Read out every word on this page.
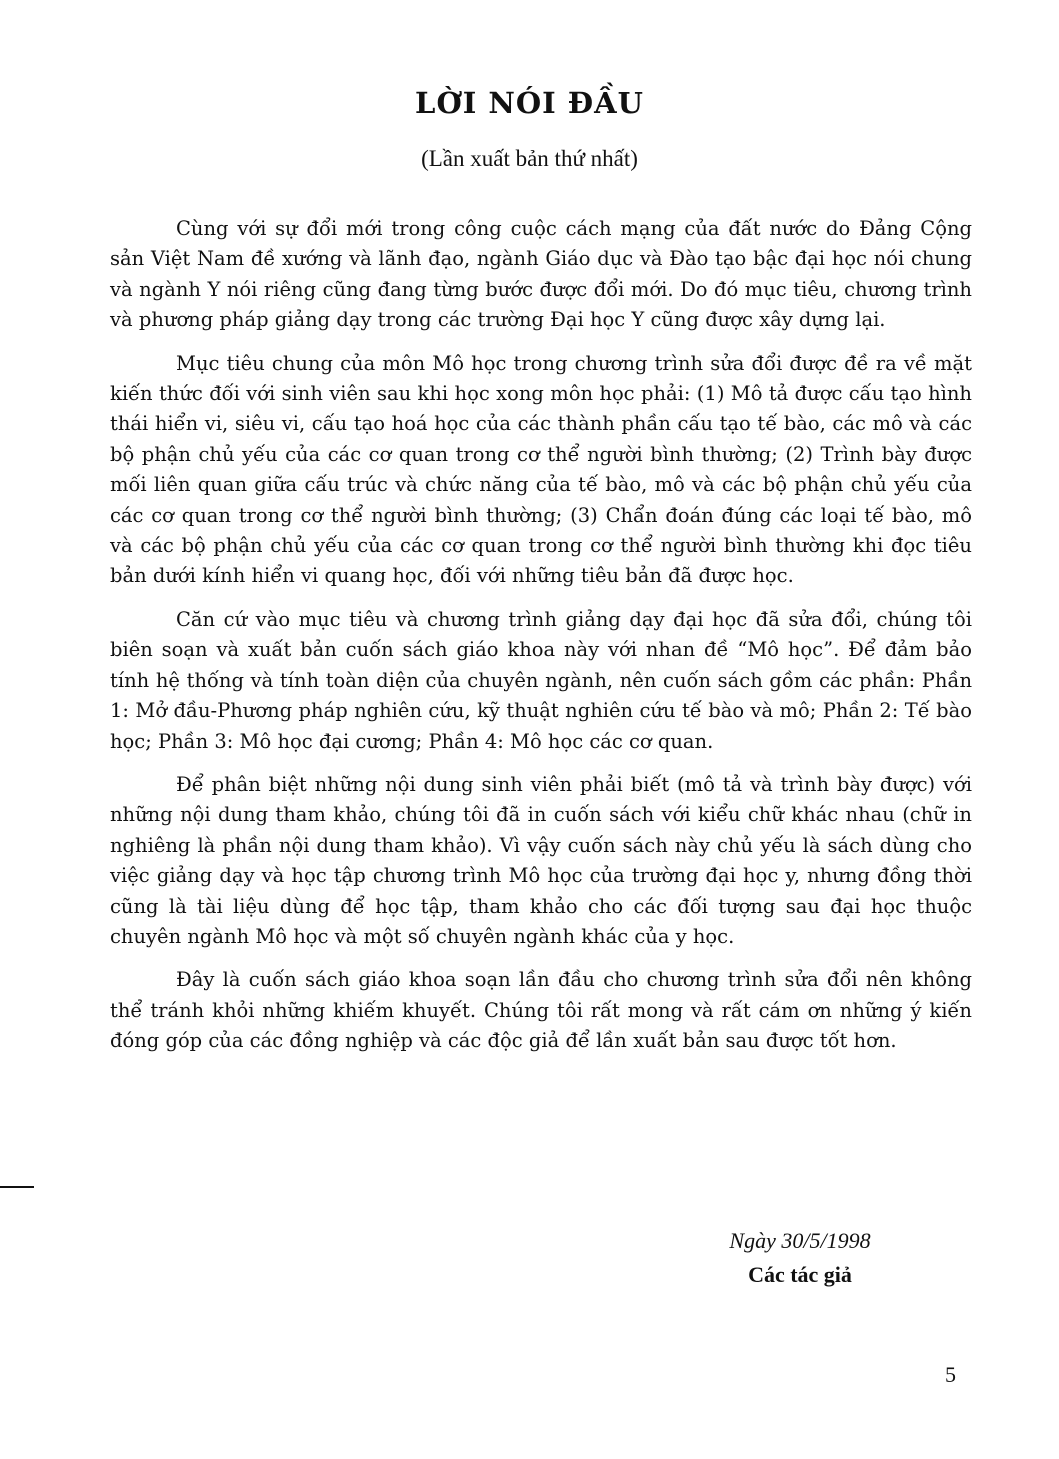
LỜI NÓI ĐẦU

(Lần xuất bản thứ nhất)

Cùng với sự đổi mới trong công cuộc cách mạng của đất nước do Đảng Cộng sản Việt Nam đề xướng và lãnh đạo, ngành Giáo dục và Đào tạo bậc đại học nói chung và ngành Y nói riêng cũng đang từng bước được đổi mới. Do đó mục tiêu, chương trình và phương pháp giảng dạy trong các trường Đại học Y cũng được xây dựng lại.

Mục tiêu chung của môn Mô học trong chương trình sửa đổi được đề ra về mặt kiến thức đối với sinh viên sau khi học xong môn học phải: (1) Mô tả được cấu tạo hình thái hiển vi, siêu vi, cấu tạo hoá học của các thành phần cấu tạo tế bào, các mô và các bộ phận chủ yếu của các cơ quan trong cơ thể người bình thường; (2) Trình bày được mối liên quan giữa cấu trúc và chức năng của tế bào, mô và các bộ phận chủ yếu của các cơ quan trong cơ thể người bình thường; (3) Chẩn đoán đúng các loại tế bào, mô và các bộ phận chủ yếu của các cơ quan trong cơ thể người bình thường khi đọc tiêu bản dưới kính hiển vi quang học, đối với những tiêu bản đã được học.

Căn cứ vào mục tiêu và chương trình giảng dạy đại học đã sửa đổi, chúng tôi biên soạn và xuất bản cuốn sách giáo khoa này với nhan đề “Mô học”. Để đảm bảo tính hệ thống và tính toàn diện của chuyên ngành, nên cuốn sách gồm các phần: Phần 1: Mở đầu-Phương pháp nghiên cứu, kỹ thuật nghiên cứu tế bào và mô; Phần 2: Tế bào học; Phần 3: Mô học đại cương; Phần 4: Mô học các cơ quan.

Để phân biệt những nội dung sinh viên phải biết (mô tả và trình bày được) với những nội dung tham khảo, chúng tôi đã in cuốn sách với kiểu chữ khác nhau (chữ in nghiêng là phần nội dung tham khảo). Vì vậy cuốn sách này chủ yếu là sách dùng cho việc giảng dạy và học tập chương trình Mô học của trường đại học y, nhưng đồng thời cũng là tài liệu dùng để học tập, tham khảo cho các đối tượng sau đại học thuộc chuyên ngành Mô học và một số chuyên ngành khác của y học.

Đây là cuốn sách giáo khoa soạn lần đầu cho chương trình sửa đổi nên không thể tránh khỏi những khiếm khuyết. Chúng tôi rất mong và rất cám ơn những ý kiến đóng góp của các đồng nghiệp và các độc giả để lần xuất bản sau được tốt hơn.

Ngày 30/5/1998

Các tác giả

5
